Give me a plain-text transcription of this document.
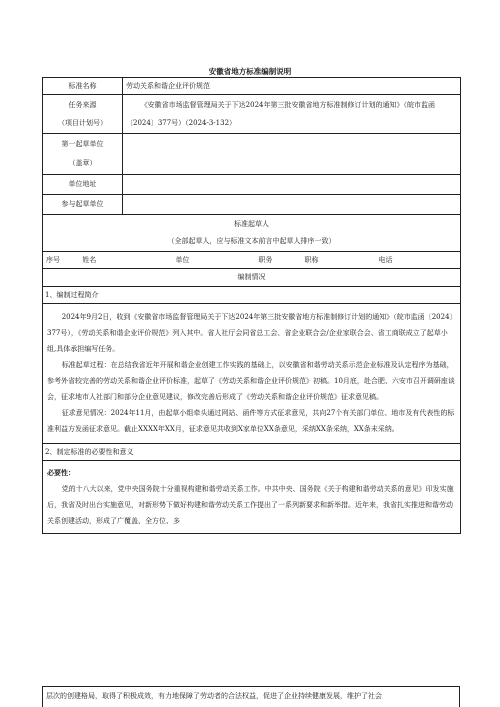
安徽省地方标准编制说明
标准名称	劳动关系和谐企业评价规范				

任务来源
（项目计划号）	《安徽省市场监督管理局关于下达2024年第三批安徽省地方标准制修订计划的通知》（皖市监函〔2024〕377号）（2024-3-132）				

第一起草单位
（盖章）					

单位地址					
参与起草单位					

标准起草人
（全部起草人，应与标准文本前言中起草人排序一致）					

序号 姓名	单位	职务	职称		电话
编制情况					
1、编制过程简介					

2024年9月2日，收到《安徽省市场监督管理局关于下达2024年第三批安徽省地方标准制修订计划的通知》（皖市监函〔2024〕377号），《劳动关系和谐企业评价规范》列入其中。省人社厅会同省总工会、省企业联合会/企业家联合会、省工商联成立了起草小组,具体承担编写任务。

标准起草过程：在总结我省近年开展和谐企业创建工作实践的基础上，以安徽省和谐劳动关系示范企业标准及认定程序为基础，参考外省较完善的劳动关系和谐企业评价标准，起草了《劳动关系和谐企业评价规范》初稿。10月底，赴合肥、六安市召开调研座谈会，征求地市人社部门和部分企业意见建议，修改完善后形成了《劳动关系和谐企业评价规范》征求意见稿。

征求意见情况：2024年11月，由起草小组牵头通过网站、函件等方式征求意见，共向27个有关部门单位、地市及有代表性的标准利益方发函征求意见。截止XXXX年XX月，征求意见共收到X家单位XX条意见，采纳XX条采纳，XX条未采纳。					

2、制定标准的必要性和意义					

必要性：

党的十八大以来，党中央国务院十分重视构建和谐劳动关系工作。中共中央、国务院《关于构建和谐劳动关系的意见》印发实施后，我省及时出台实施意见，对新形势下做好构建和谐劳动关系工作提出了一系列新要求和新举措。近年来，我省扎实推进和谐劳动关系创建活动，形成了广覆盖、全方位、多					

层次的创建格局，取得了积极成效，有力地保障了劳动者的合法权益，促进了企业持续健康发展，维护了社会
